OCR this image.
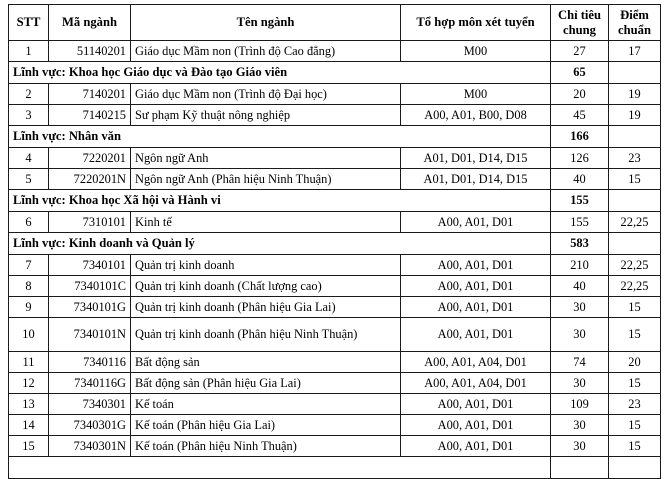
STT	Mã ngành	Tên ngành	Tổ hợp môn xét tuyển	Chỉ tiêu chung	Điểm chuẩn
1	51140201	Giáo dục Mầm non (Trình độ Cao đẳng)	M00	27	17
Lĩnh vực: Khoa học Giáo dục và Đào tạo Giáo viên				65	
2	7140201	Giáo dục Mầm non (Trình độ Đại học)	M00	20	19
3	7140215	Sư phạm Kỹ thuật nông nghiệp	A00, A01, B00, D08	45	19
Lĩnh vực: Nhân văn				166	
4	7220201	Ngôn ngữ Anh	A01, D01, D14, D15	126	23
5	7220201N	Ngôn ngữ Anh (Phân hiệu Ninh Thuận)	A01, D01, D14, D15	40	15
Lĩnh vực: Khoa học Xã hội và Hành vi				155	
6	7310101	Kinh tế	A00, A01, D01	155	22,25
Lĩnh vực: Kinh doanh và Quản lý				583	
7	7340101	Quản trị kinh doanh	A00, A01, D01	210	22,25
8	7340101C	Quản trị kinh doanh (Chất lượng cao)	A00, A01, D01	40	22,25
9	7340101G	Quản trị kinh doanh (Phân hiệu Gia Lai)	A00, A01, D01	30	15
10	7340101N	Quản trị kinh doanh (Phân hiệu Ninh Thuận)	A00, A01, D01	30	15
11	7340116	Bất động sản	A00, A01, A04, D01	74	20
12	7340116G	Bất động sản (Phân hiệu Gia Lai)	A00, A01, A04, D01	30	15
13	7340301	Kế toán	A00, A01, D01	109	23
14	7340301G	Kế toán (Phân hiệu Gia Lai)	A00, A01, D01	30	15
15	7340301N	Kế toán (Phân hiệu Ninh Thuận)	A00, A01, D01	30	15
